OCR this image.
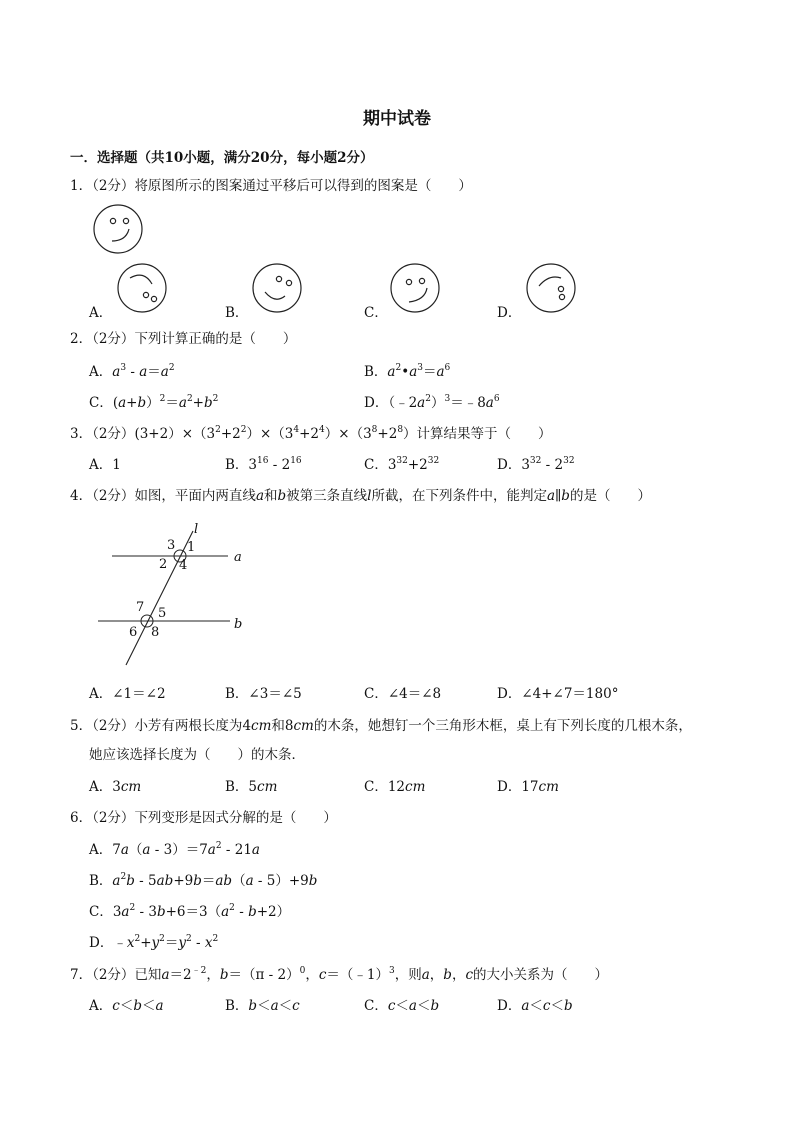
期中试卷
一．选择题（共10小题，满分20分，每小题2分）
1．（2分）将原图所示的图案通过平移后可以得到的图案是（　　）
A．	B．	C．	D．
2．（2分）下列计算正确的是（　　）
A．$a^3 - a=a^2$	B．$a^2•a^3=a^6$
C．$(a+b)^2=a^2+b^2$	D．$(﹣2a^2)^3=﹣8a^6$
3．（2分）$(3+2)\times(3^2+2^2)\times(3^4+2^4)\times(3^8+2^8)$计算结果等于（　　）
A．1	B．$3^{16} - 2^{16}$	C．$3^{32}+2^{32}$	D．$3^{32} - 2^{32}$
4．（2分）如图，平面内两直线a和b被第三条直线l所截，在下列条件中，能判定a∥b的是（　　）
l
a
b
1
2
3
4
5
6
7
8
A．∠1＝∠2	B．∠3＝∠5	C．∠4＝∠8	D．∠4+∠7＝180°
5．（2分）小芳有两根长度为4cm和8cm的木条，她想钉一个三角形木框，桌上有下列长度的几根木条，
她应该选择长度为（　　）的木条．
A．3cm	B．5cm	C．12cm	D．17cm
6．（2分）下列变形是因式分解的是（　　）
A．$7a(a - 3)=7a^2 - 21a$
B．$a^2b - 5ab+9b=ab(a - 5)+9b$
C．$3a^2 - 3b+6=3(a^2 - b+2)$
D．$﹣x^2+y^2=y^2 - x^2$
7．（2分）已知$a=2^{﹣2}$，b＝（π - 2）$^0$，c＝（﹣1）$^3$，则a，b，c的大小关系为（　　）
A．c＜b＜a	B．b＜a＜c	C．c＜a＜b	D．a＜c＜b
